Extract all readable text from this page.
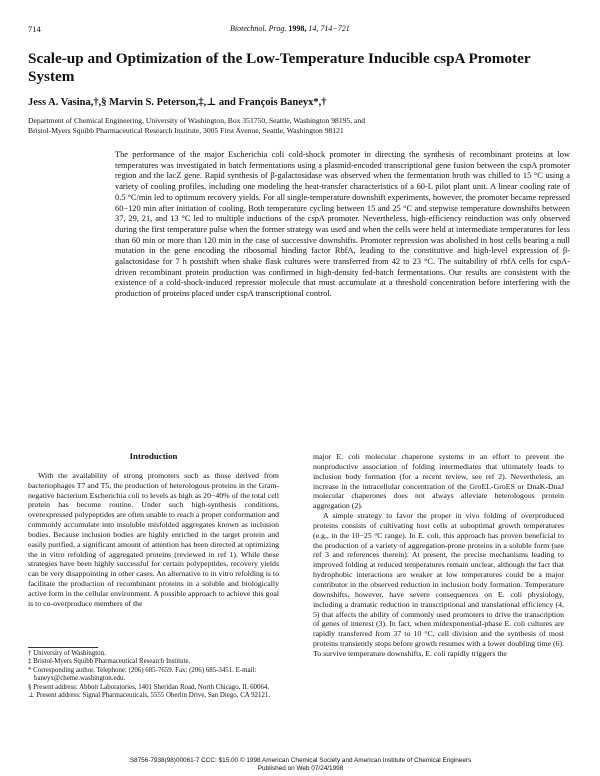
714	Biotechnol. Prog. 1998, 14, 714−721
Scale-up and Optimization of the Low-Temperature Inducible cspA Promoter System
Jess A. Vasina,†,§ Marvin S. Peterson,‡,⊥ and François Baneyx*,†
Department of Chemical Engineering, University of Washington, Box 351750, Seattle, Washington 98195, and
Bristol-Myers Squibb Pharmaceutical Research Institute, 3005 First Avenue, Seattle, Washington 98121
The performance of the major Escherichia coli cold-shock promoter in directing the synthesis of recombinant proteins at low temperatures was investigated in batch fermentations using a plasmid-encoded transcriptional gene fusion between the cspA promoter region and the lacZ gene. Rapid synthesis of β-galactosidase was observed when the fermentation broth was chilled to 15 °C using a variety of cooling profiles, including one modeling the heat-transfer characteristics of a 60-L pilot plant unit. A linear cooling rate of 0.5 °C/min led to optimum recovery yields. For all single-temperature downshift experiments, however, the promoter became repressed 60−120 min after initiation of cooling. Both temperature cycling between 15 and 25 °C and stepwise temperature downshifts between 37, 29, 21, and 13 °C led to multiple inductions of the cspA promoter. Nevertheless, high-efficiency reinduction was only observed during the first temperature pulse when the former strategy was used and when the cells were held at intermediate temperatures for less than 60 min or more than 120 min in the case of successive downshifts. Promoter repression was abolished in host cells bearing a null mutation in the gene encoding the ribosomal binding factor RbfA, leading to the constitutive and high-level expression of β-galactosidase for 7 h postshift when shake flask cultures were transferred from 42 to 23 °C. The suitability of rbfA cells for cspA-driven recombinant protein production was confirmed in high-density fed-batch fermentations. Our results are consistent with the existence of a cold-shock-induced repressor molecule that must accumulate at a threshold concentration before interfering with the production of proteins placed under cspA transcriptional control.
Introduction

With the availability of strong promoters such as those derived from bacteriophages T7 and T5, the production of heterologous proteins in the Gram-negative bacterium Escherichia coli to levels as high as 20−40% of the total cell protein has become routine. Under such high-synthesis conditions, overexpressed polypeptides are often unable to reach a proper conformation and commonly accumulate into insoluble misfolded aggregates known as inclusion bodies. Because inclusion bodies are highly enriched in the target protein and easily purified, a significant amount of attention has been directed at optimizing the in vitro refolding of aggregated proteins (reviewed in ref 1). While these strategies have been highly successful for certain polypeptides, recovery yields can be very disappointing in other cases. An alternative to in vitro refolding is to facilitate the production of recombinant proteins in a soluble and biologically active form in the cellular environment. A possible approach to achieve this goal is to co-overproduce members of the

† University of Washington.
‡ Bristol-Myers Squibb Pharmaceutical Research Institute.
* Corresponding author. Telephone: (206) 685-7659. Fax: (206) 685-3451. E-mail: baneyx@cheme.washington.edu.
§ Present address: Abbott Laboratories, 1401 Sheridan Road, North Chicago, IL 60064.
⊥ Present address: Signal Pharmaceuticals, 5555 Oberlin Drive, San Diego, CA 92121.

major E. coli molecular chaperone systems in an effort to prevent the nonproductive association of folding intermediates that ultimately leads to inclusion body formation (for a recent review, see ref 2). Nevertheless, an increase in the intracellular concentration of the GroEL-GroES or DnaK-DnaJ molecular chaperones does not always alleviate heterologous protein aggregation (2).

A simple strategy to favor the proper in vivo folding of overproduced proteins consists of cultivating host cells at suboptimal growth temperatures (e.g., in the 10−25 °C range). In E. coli, this approach has proven beneficial to the production of a variety of aggregation-prone proteins in a soluble form (see ref 3 and references therein). At present, the precise mechanisms leading to improved folding at reduced temperatures remain unclear, although the fact that hydrophobic interactions are weaker at low temperatures could be a major contributor in the observed reduction in inclusion body formation. Temperature downshifts, however, have severe consequences on E. coli physiology, including a dramatic reduction in transcriptional and translational efficiency (4, 5) that affects the ability of commonly used promoters to drive the transcription of genes of interest (3). In fact, when midexponential-phase E. coli cultures are rapidly transferred from 37 to 10 °C, cell division and the synthesis of most proteins transiently stops before growth resumes with a lower doubling time (6). To survive temperature downshifts, E. coli rapidly triggers the

S8756-7938(98)00061-7 CCC: $15.00 © 1998 American Chemical Society and American Institute of Chemical Engineers
Published on Web 07/24/1998
